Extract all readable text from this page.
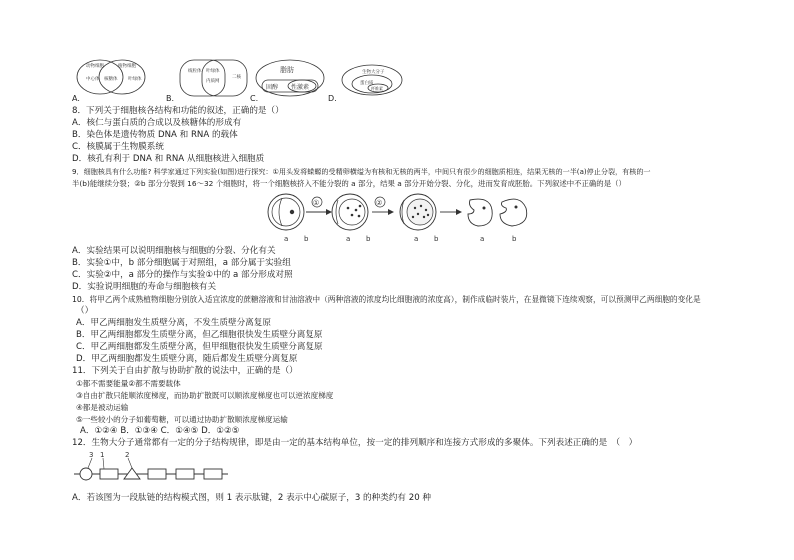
动物细胞	植物细胞
中心体	叶绿体
核糖体
线粒体 叶绿体
内质网
二核
脂肪
固醇 性激素
生物大分子
蛋白质
纤维素
A.	B.	C.	D.
8．下列关于细胞核各结构和功能的叙述，正确的是（）
A．核仁与蛋白质的合成以及核糖体的形成有
B．染色体是遗传物质 DNA 和 RNA 的载体
C．核膜属于生物膜系统
D．核孔有利于 DNA 和 RNA 从细胞核进入细胞质
9．细胞核具有什么功能? 科学家通过下列实验(如图)进行探究：①用头发将蝾螈的受精卵横缢为有核和无核的两半，中间只有很少的细胞质相连，结果无核的一半(a)停止分裂，有核的一
半(b)能继续分裂；②b 部分分裂到 16～32 个细胞时，将一个细胞核挤入不能分裂的 a 部分，结果 a 部分开始分裂、分化，进而发育成胚胎。下列叙述中不正确的是（）
①	②
a b	a b	a b	a	b
A．实验结果可以说明细胞核与细胞的分裂、分化有关
B．实验①中，b 部分细胞属于对照组，a 部分属于实验组
C．实验②中，a 部分的操作与实验①中的 a 部分形成对照
D．实验说明细胞的寿命与细胞核有关
10．将甲乙两个成熟植物细胞分别放入适宜浓度的蔗糖溶液和甘油溶液中（两种溶液的浓度均比细胞液的浓度高），制作成临时装片，在显微镜下连续观察，可以预测甲乙两细胞的变化是
（）
A．甲乙两细胞发生质壁分离，不发生质壁分离复原
B．甲乙两细胞都发生质壁分离，但乙细胞很快发生质壁分离复原
C．甲乙两细胞都发生质壁分离，但甲细胞很快发生质壁分离复原
D．甲乙两细胞都发生质壁分离，随后都发生质壁分离复原
11．下列关于自由扩散与协助扩散的说法中，正确的是（）
①都不需要能量②都不需要载体
③自由扩散只能顺浓度梯度，而协助扩散既可以顺浓度梯度也可以逆浓度梯度
④都是被动运输
⑤一些较小的分子如葡萄糖，可以通过协助扩散顺浓度梯度运输
A．①②④ B．①③④ C．①④⑤ D．①②⑤
12．生物大分子通常都有一定的分子结构规律，即是由一定的基本结构单位，按一定的排列顺序和连接方式形成的多聚体。下列表述正确的是　（　）
3 1	2
A．若该图为一段肽链的结构模式图，则 1 表示肽键，2 表示中心碳原子，3 的种类约有 20 种
